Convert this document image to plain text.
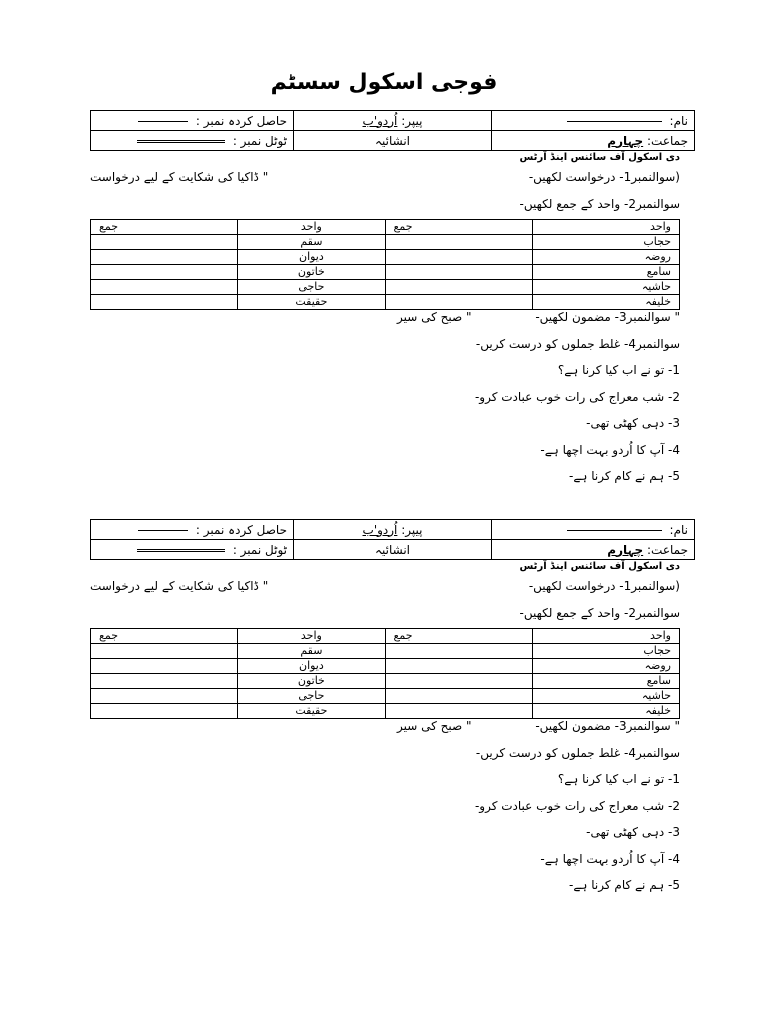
فوجی اسکول سسٹم
نام:	پیپر: اُردو'ب	حاصل کردہ نمبر :
جماعت: چہارم	انشائیہ	ٹوٹل نمبر :
دی اسکول آف سائنس اینڈ آرٹس
(سوالنمبر1- درخواست لکھیں-
" ڈاکیا کی شکایت کے لیے درخواست
سوالنمبر2- واحد کے جمع لکھیں-
واحد	جمع	واحد	جمع
حجاب		سقم	
روضہ		دیوان	
سامع		خاتون	
حاشیہ		حاجی	
خلیفہ		حقیقت	
" سوالنمبر3- مضمون لکھیں- " صبح کی سیر
سوالنمبر4- غلط جملوں کو درست کریں-
1- تو نے اب کیا کرنا ہے؟
2- شب معراج کی رات خوب عبادت کرو-
3- دہی کھٹی تھی-
4- آپ کا اُردو بہت اچھا ہے-
5- ہم نے کام کرنا ہے-
نام:	پیپر: اُردو'ب	حاصل کردہ نمبر :
جماعت: چہارم	انشائیہ	ٹوٹل نمبر :
دی اسکول آف سائنس اینڈ آرٹس
(سوالنمبر1- درخواست لکھیں-
" ڈاکیا کی شکایت کے لیے درخواست
سوالنمبر2- واحد کے جمع لکھیں-
واحد	جمع	واحد	جمع
حجاب		سقم	
روضہ		دیوان	
سامع		خاتون	
حاشیہ		حاجی	
خلیفہ		حقیقت	
" سوالنمبر3- مضمون لکھیں- " صبح کی سیر
سوالنمبر4- غلط جملوں کو درست کریں-
1- تو نے اب کیا کرنا ہے؟
2- شب معراج کی رات خوب عبادت کرو-
3- دہی کھٹی تھی-
4- آپ کا اُردو بہت اچھا ہے-
5- ہم نے کام کرنا ہے-
